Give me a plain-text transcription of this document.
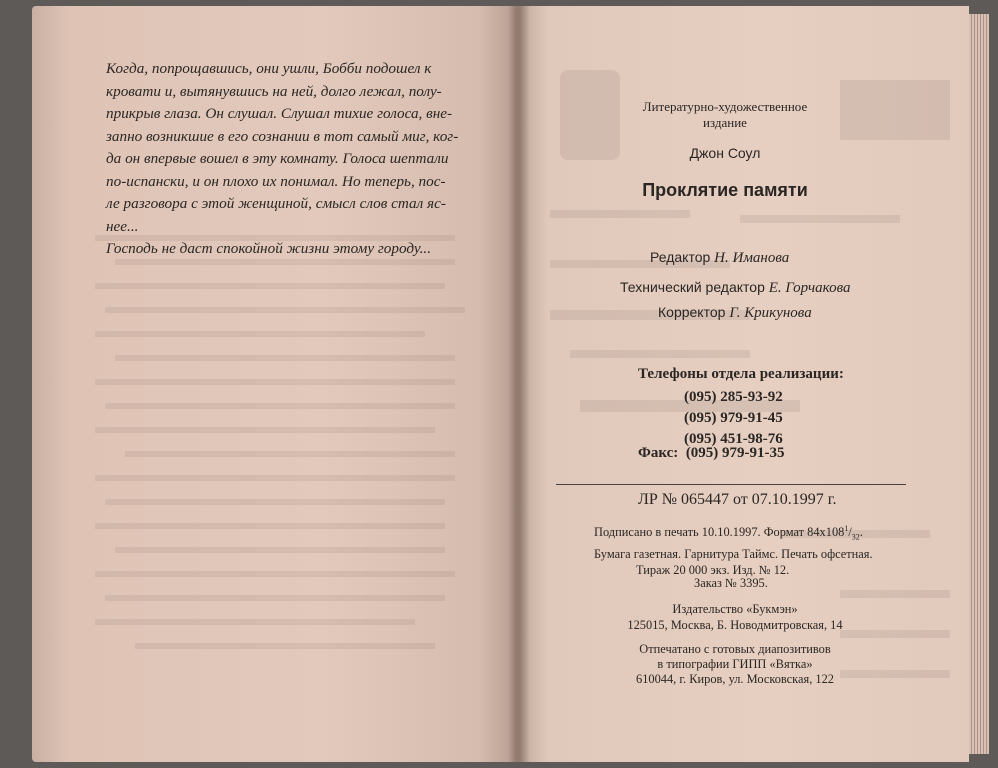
Когда, попрощавшись, они ушли, Бобби подошел к
кровати и, вытянувшись на ней, долго лежал, полу-
прикрыв глаза. Он слушал. Слушал тихие голоса, вне-
запно возникшие в его сознании в тот самый миг, ког-
да он впервые вошел в эту комнату. Голоса шептали
по-испански, и он плохо их понимал. Но теперь, пос-
ле разговора с этой женщиной, смысл слов стал яс-
нее...

Господь не даст спокойной жизни этому городу...

Литературно-художественное
издание
Джон Соул
Проклятие памяти
Редактор Н. Иманова
Технический редактор Е. Горчакова
Корректор Г. Крикунова
Телефоны отдела реализации:
(095) 285-93-92
(095) 979-91-45
(095) 451-98-76
Факс: (095) 979-91-35
ЛР № 065447 от 07.10.1997 г.
Подписано в печать 10.10.1997. Формат $84х108^1/_{32}$.
Бумага газетная. Гарнитура Таймс. Печать офсетная.
Тираж 20 000 экз. Изд. № 12.
Заказ № 3395.
Издательство «Букмэн»
125015, Москва, Б. Новодмитровская, 14
Отпечатано с готовых диапозитивов
в типографии ГИПП «Вятка»
610044, г. Киров, ул. Московская, 122
